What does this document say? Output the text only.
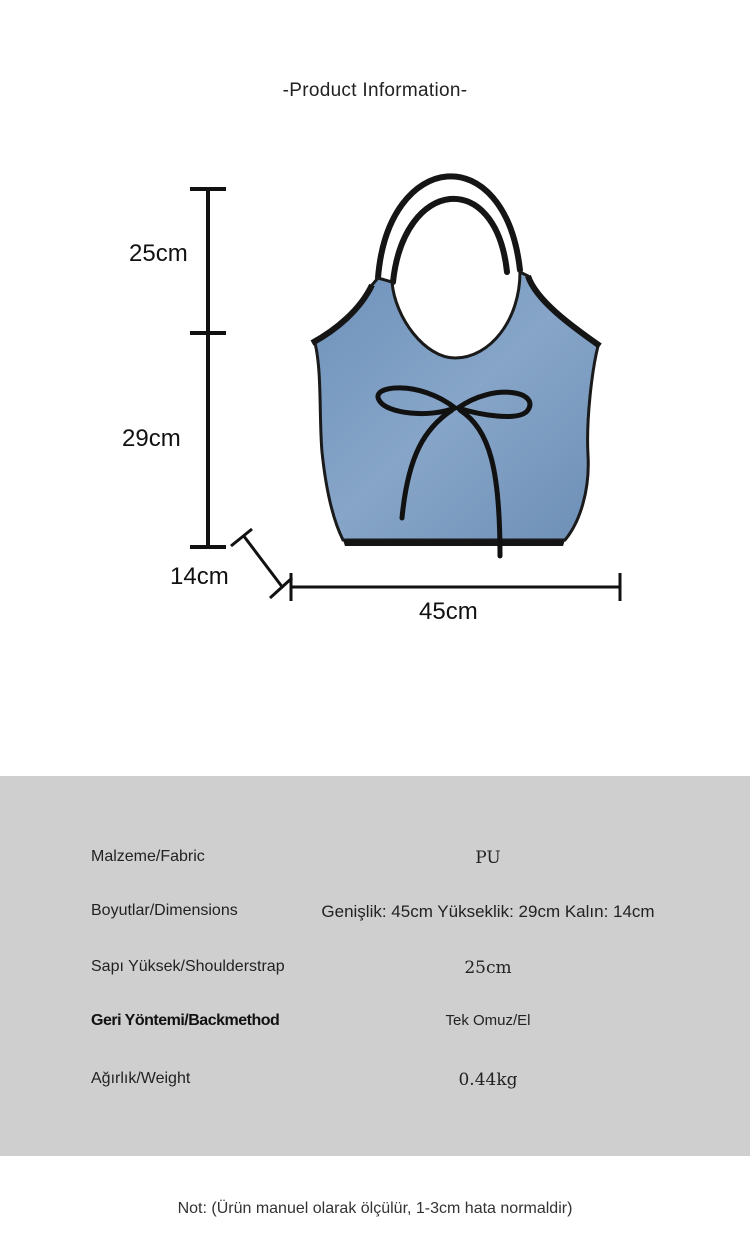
-Product Information-
25cm
29cm
14cm
45cm
Malzeme/Fabric	PU
Boyutlar/Dimensions	Genişlik: 45cm Yükseklik: 29cm Kalın: 14cm
Sapı Yüksek/Shoulderstrap	25cm
Geri Yöntemi/Backmethod	Tek Omuz/El
Ağırlık/Weight	0.44kg
Not: (Ürün manuel olarak ölçülür, 1-3cm hata normaldir)
